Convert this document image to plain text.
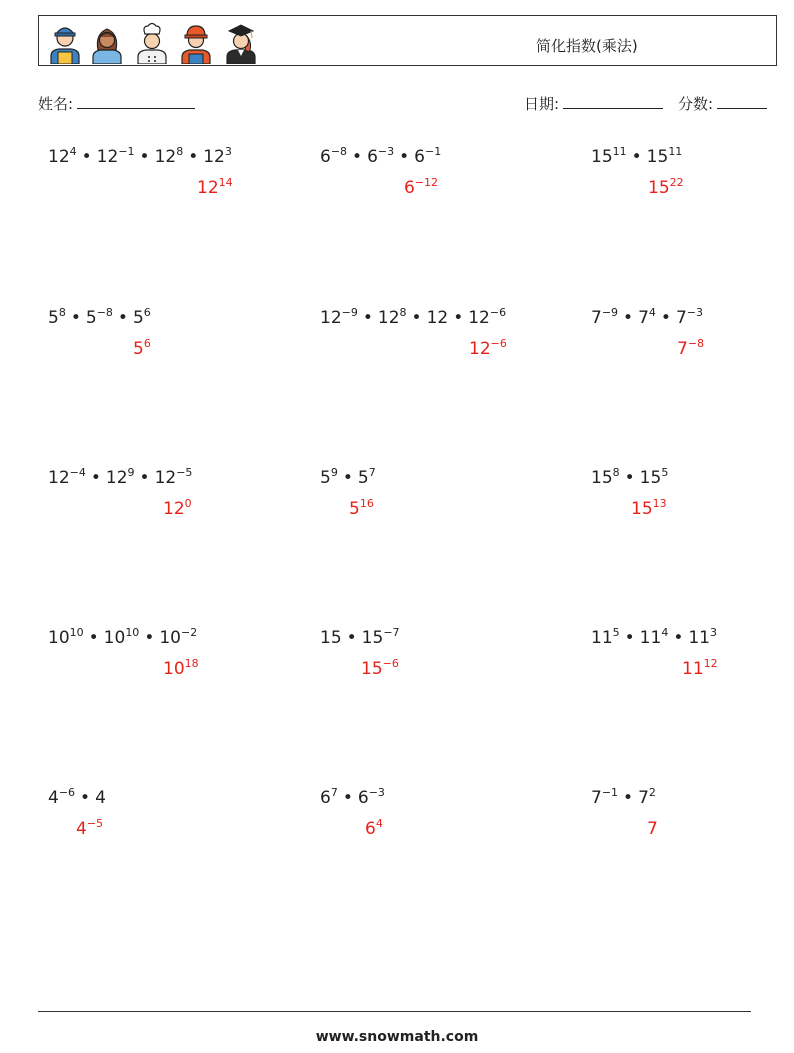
简化指数(乘法)
姓名:	日期:	分数:
$12^4$ • $12^{-1}$ • $12^8$ • $12^3$
$12^{14}$
$6^{-8}$ • $6^{-3}$ • $6^{-1}$
$6^{-12}$
$15^{11}$ • $15^{11}$
$15^{22}$
$5^8$ • $5^{-8}$ • $5^6$
$5^6$
$12^{-9}$ • $12^8$ • 12 • $12^{-6}$
$12^{-6}$
$7^{-9}$ • $7^4$ • $7^{-3}$
$7^{-8}$
$12^{-4}$ • $12^9$ • $12^{-5}$
$12^0$
$5^9$ • $5^7$
$5^{16}$
$15^8$ • $15^5$
$15^{13}$
$10^{10}$ • $10^{10}$ • $10^{-2}$
$10^{18}$
15 • $15^{-7}$
$15^{-6}$
$11^5$ • $11^4$ • $11^3$
$11^{12}$
$4^{-6}$ • 4
$4^{-5}$
$6^7$ • $6^{-3}$
$6^4$
$7^{-1}$ • $7^2$
7
www.snowmath.com
